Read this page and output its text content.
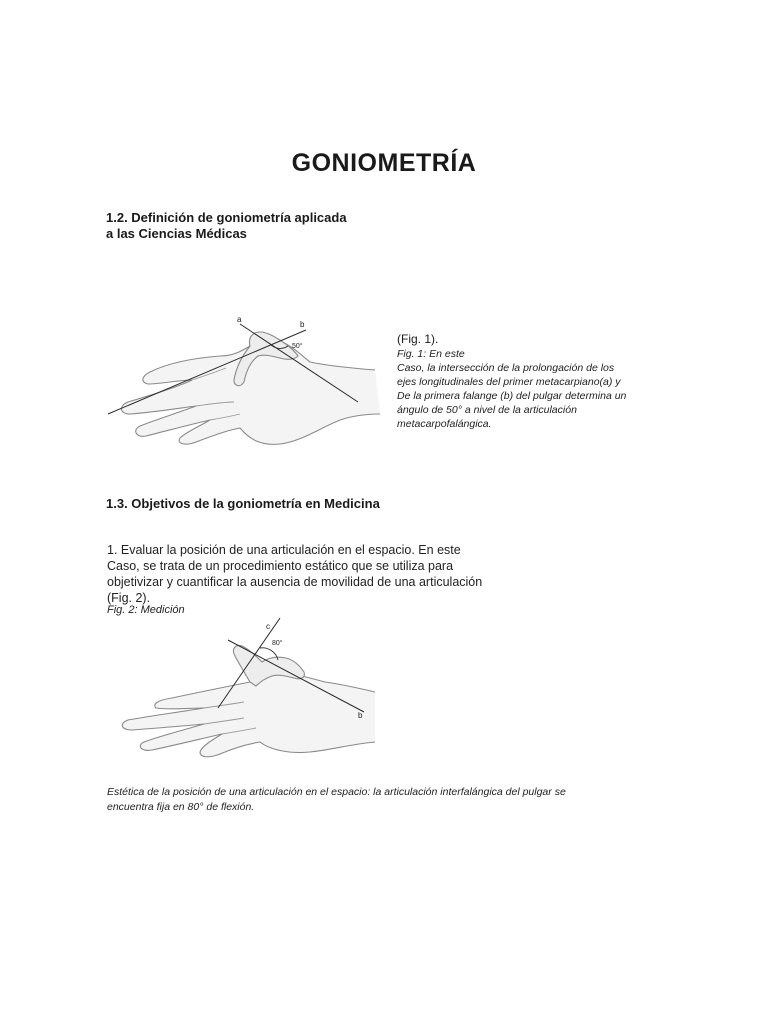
GONIOMETRÍA
1.2. Definición de goniometría aplicada
a las Ciencias Médicas
a
b
50°

(Fig. 1).

Fig. 1: En este

Caso, la intersección de la prolongación de los

ejes longitudinales del primer metacarpiano(a) y

De la primera falange (b) del pulgar determina un

ángulo de 50° a nivel de la articulación

metacarpofalángica.

1.3. Objetivos de la goniometría en Medicina
1. Evaluar la posición de una articulación en el espacio. En este
Caso, se trata de un procedimiento estático que se utiliza para
objetivizar y cuantificar la ausencia de movilidad de una articulación
(Fig. 2).

Fig. 2: Medición

c
b
80°
Estética de la posición de una articulación en el espacio: la articulación interfalángica del pulgar se
encuentra fija en 80° de flexión.
